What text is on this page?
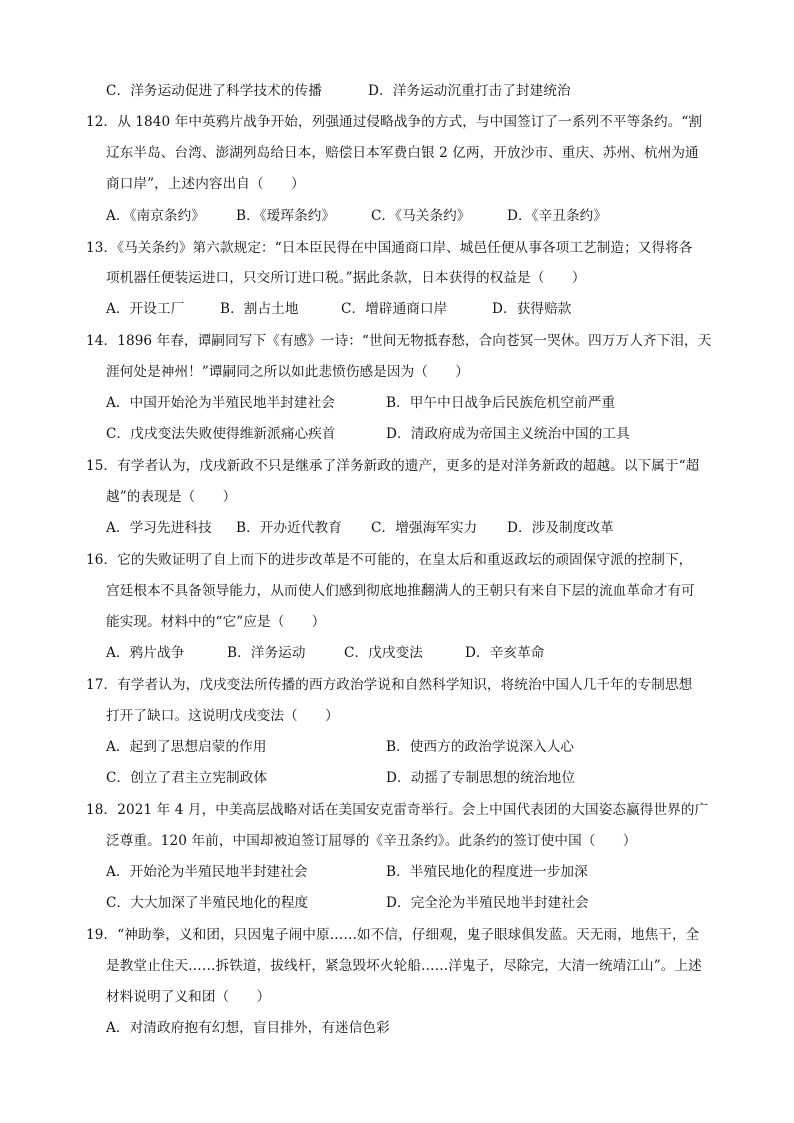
C．洋务运动促进了科学技术的传播	D．洋务运动沉重打击了封建统治
12．从 1840 年中英鸦片战争开始，列强通过侵略战争的方式，与中国签订了一系列不平等条约。“割
辽东半岛、台湾、澎湖列岛给日本，赔偿日本军费白银 2 亿两，开放沙市、重庆、苏州、杭州为通
商口岸”，上述内容出自（　　）
A．《南京条约》 B．《瑷珲条约》	C．《马关条约》	D．《辛丑条约》
13．《马关条约》第六款规定：“日本臣民得在中国通商口岸、城邑任便从事各项工艺制造；又得将各
项机器任便装运进口，只交所订进口税。”据此条款，日本获得的权益是（　　）
A．开设工厂	B．割占土地	C．增辟通商口岸	D．获得赔款
14．1896 年春，谭嗣同写下《有感》一诗：“世间无物抵春愁，合向苍冥一哭休。四万万人齐下泪，天
涯何处是神州！”谭嗣同之所以如此悲愤伤感是因为（　　）
A．中国开始沦为半殖民地半封建社会	B．甲午中日战争后民族危机空前严重
C．戊戌变法失败使得维新派痛心疾首	D．清政府成为帝国主义统治中国的工具
15．有学者认为，戊戌新政不只是继承了洋务新政的遗产，更多的是对洋务新政的超越。以下属于“超
越”的表现是（　　）
A．学习先进科技 B．开办近代教育 C．增强海军实力 D．涉及制度改革
16．它的失败证明了自上而下的进步改革是不可能的，在皇太后和重返政坛的顽固保守派的控制下，
宫廷根本不具备领导能力，从而使人们感到彻底地推翻满人的王朝只有来自下层的流血革命才有可
能实现。材料中的“它”应是（　　）
A．鸦片战争	B．洋务运动	C．戊戌变法	D．辛亥革命
17．有学者认为，戊戌变法所传播的西方政治学说和自然科学知识，将统治中国人几千年的专制思想
打开了缺口。这说明戊戌变法（　　）
A．起到了思想启蒙的作用	B．使西方的政治学说深入人心
C．创立了君主立宪制政体	D．动摇了专制思想的统治地位
18．2021 年 4 月，中美高层战略对话在美国安克雷奇举行。会上中国代表团的大国姿态赢得世界的广
泛尊重。120 年前，中国却被迫签订屈辱的《辛丑条约》。此条约的签订使中国（　　）
A．开始沦为半殖民地半封建社会	B．半殖民地化的程度进一步加深
C．大大加深了半殖民地化的程度	D．完全沦为半殖民地半封建社会
19．“神助拳，义和团，只因鬼子闹中原……如不信，仔细观，鬼子眼球俱发蓝。天无雨，地焦干，全
是教堂止住天……拆铁道，拔线杆，紧急毁坏火轮船……洋鬼子，尽除完，大清一统靖江山”。上述
材料说明了义和团（　　）
A．对清政府抱有幻想，盲目排外，有迷信色彩
